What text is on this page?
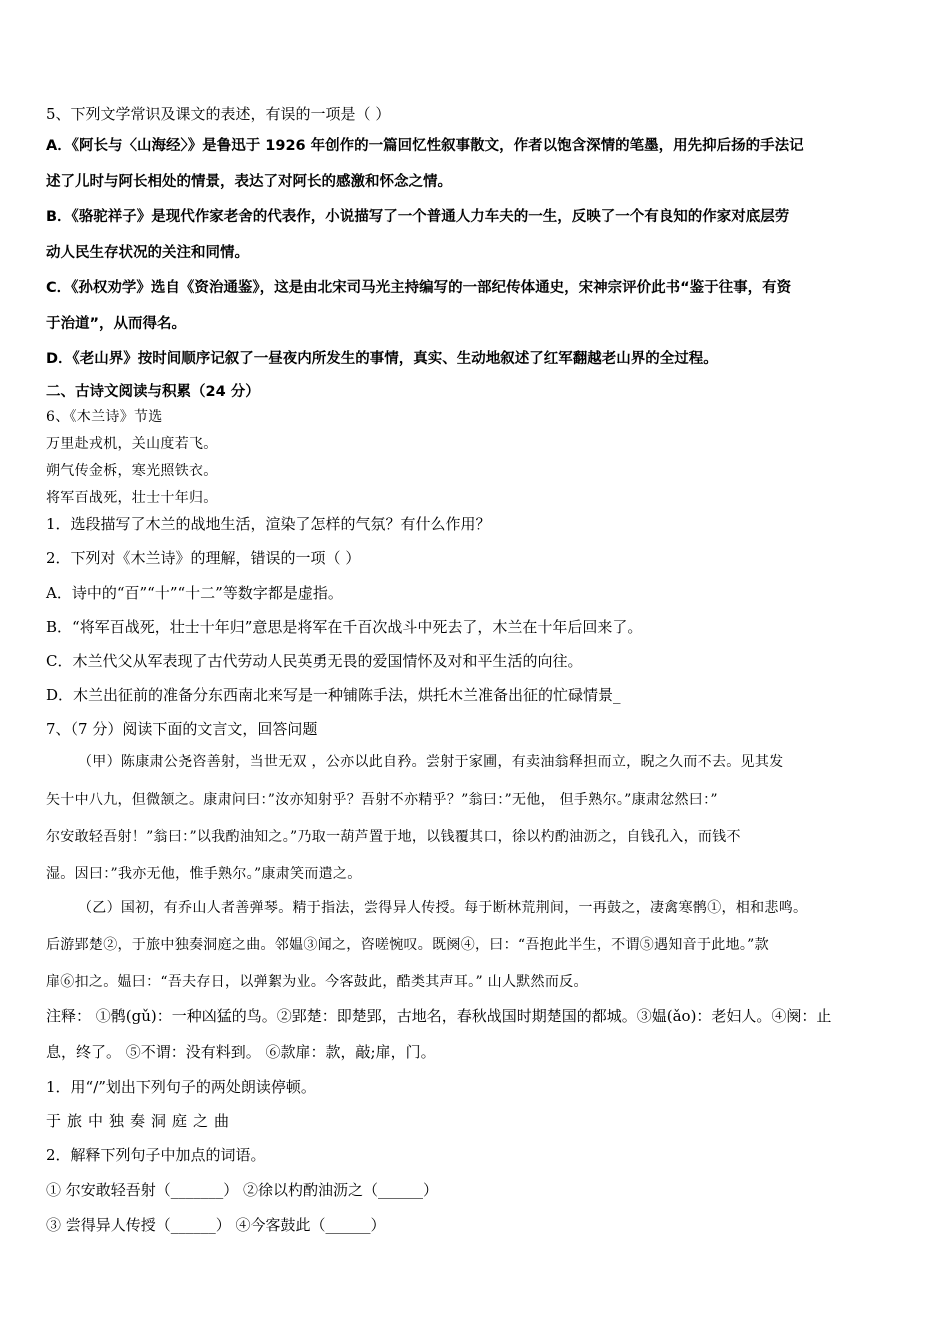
5、下列文学常识及课文的表述，有误的一项是（ ）
A．《阿长与〈山海经〉》是鲁迅于 1926 年创作的一篇回忆性叙事散文，作者以饱含深情的笔墨，用先抑后扬的手法记
述了儿时与阿长相处的情景，表达了对阿长的感激和怀念之情。
B．《骆驼祥子》是现代作家老舍的代表作，小说描写了一个普通人力车夫的一生，反映了一个有良知的作家对底层劳
动人民生存状况的关注和同情。
C．《孙权劝学》选自《资治通鉴》，这是由北宋司马光主持编写的一部纪传体通史，宋神宗评价此书“鉴于往事，有资
于治道”，从而得名。
D．《老山界》按时间顺序记叙了一昼夜内所发生的事情，真实、生动地叙述了红军翻越老山界的全过程。
二、古诗文阅读与积累（24 分）
6、《木兰诗》节选
万里赴戎机，关山度若飞。
朔气传金柝，寒光照铁衣。
将军百战死，壮士十年归。
1．选段描写了木兰的战地生活，渲染了怎样的气氛？有什么作用？
2．下列对《木兰诗》的理解，错误的一项（ ）
A．诗中的“百”“十”“十二”等数字都是虚指。
B．“将军百战死，壮士十年归”意思是将军在千百次战斗中死去了，木兰在十年后回来了。
C．木兰代父从军表现了古代劳动人民英勇无畏的爱国情怀及对和平生活的向往。
D．木兰出征前的准备分东西南北来写是一种铺陈手法，烘托木兰准备出征的忙碌情景_
7、（7 分）阅读下面的文言文，回答问题
（甲）陈康肃公尧咨善射，当世无双 ，公亦以此自矜。尝射于家圃，有卖油翁释担而立，睨之久而不去。见其发
矢十中八九，但微颔之。康肃问曰：”汝亦知射乎？吾射不亦精乎？”翁曰：”无他， 但手熟尔。”康肃忿然曰：”
尔安敢轻吾射！”翁曰：”以我酌油知之。”乃取一葫芦置于地，以钱覆其口，徐以杓酌油沥之，自钱孔入，而钱不
湿。因曰：”我亦无他，惟手熟尔。”康肃笑而遣之。
（乙）国初，有乔山人者善弹琴。精于指法，尝得异人传授。每于断林荒荆间，一再鼓之，凄禽寒鹘①，相和悲鸣。
后游郢楚②，于旅中独奏洞庭之曲。邻媪③闻之，咨嗟惋叹。既阕④，曰：“吾抱此半生，不谓⑤遇知音于此地。”款
扉⑥扣之。媪曰：“吾夫存日，以弹絮为业。今客鼓此，酷类其声耳。” 山人默然而反。
注释： ①鹘(gǔ)：一种凶猛的鸟。②郢楚：即楚郢，古地名，春秋战国时期楚国的都城。③媪(ǎo)：老妇人。④阕：止
息，终了。 ⑤不谓：没有料到。 ⑥款扉：款，敲;扉，门。
1．用“/”划出下列句子的两处朗读停顿。
于旅中独奏洞庭之曲
2．解释下列句子中加点的词语。
① 尔安敢轻吾射（_______） ②徐以杓酌油沥之（______）
③ 尝得异人传授（______） ④今客鼓此（______）
